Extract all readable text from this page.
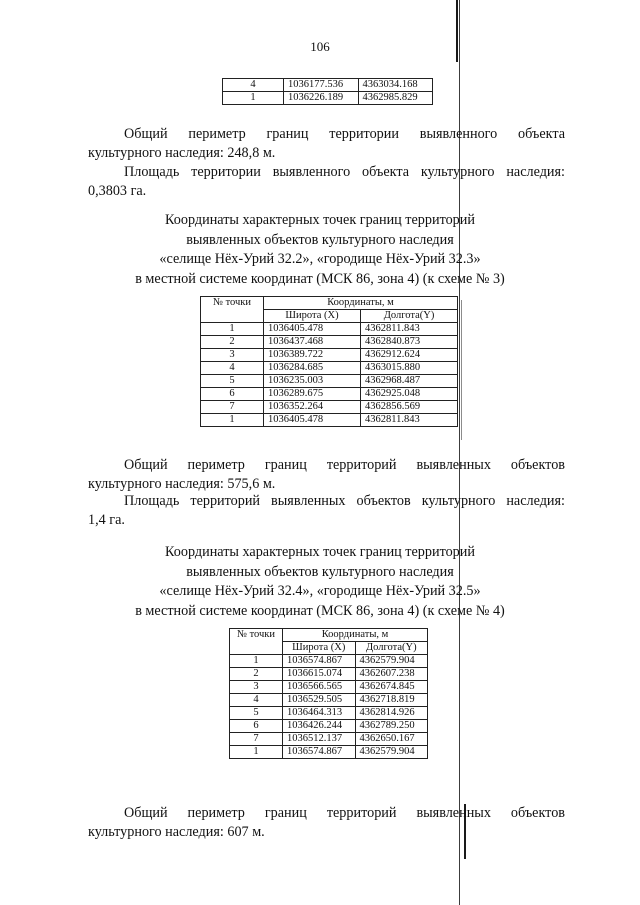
106
4	1036177.536	4363034.168
1	1036226.189	4362985.829
Общий периметр границ территории выявленного объекта
культурного наследия: 248,8 м.
Площадь территории выявленного объекта культурного наследия:
0,3803 га.
Координаты характерных точек границ территорий
выявленных объектов культурного наследия
«селище Нёх-Урий 32.2», «городище Нёх-Урий 32.3»
в местной системе координат (МСК 86, зона 4) (к схеме № 3)
№ точки	Координаты, м	
	Широта (X)	Долгота(Y)
1	1036405.478	4362811.843
2	1036437.468	4362840.873
3	1036389.722	4362912.624
4	1036284.685	4363015.880
5	1036235.003	4362968.487
6	1036289.675	4362925.048
7	1036352.264	4362856.569
1	1036405.478	4362811.843
Общий периметр границ территорий выявленных объектов
культурного наследия: 575,6 м.
Площадь территорий выявленных объектов культурного наследия:
1,4 га.
Координаты характерных точек границ территорий
выявленных объектов культурного наследия
«селище Нёх-Урий 32.4», «городище Нёх-Урий 32.5»
в местной системе координат (МСК 86, зона 4) (к схеме № 4)
№ точки	Координаты, м	
	Широта (X)	Долгота(Y)
1	1036574.867	4362579.904
2	1036615.074	4362607.238
3	1036566.565	4362674.845
4	1036529.505	4362718.819
5	1036464.313	4362814.926
6	1036426.244	4362789.250
7	1036512.137	4362650.167
1	1036574.867	4362579.904
Общий периметр границ территорий выявленных объектов
культурного наследия: 607 м.
